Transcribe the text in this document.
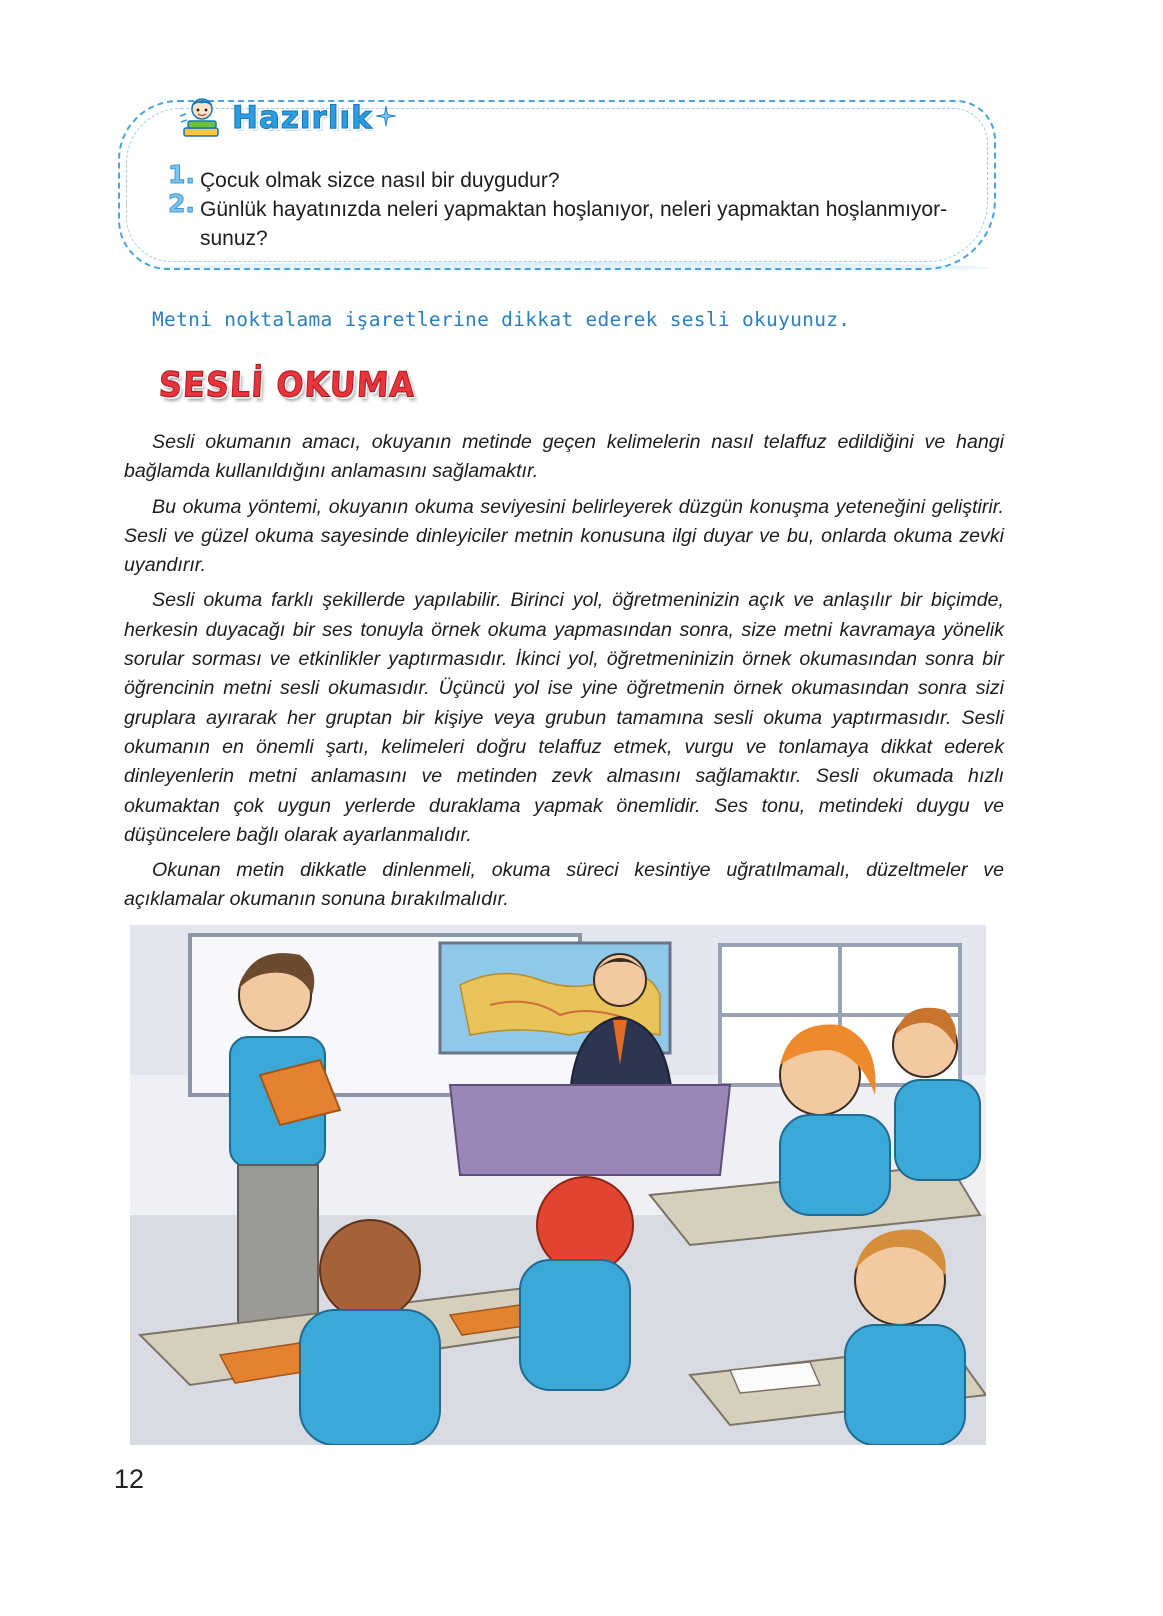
Hazırlık
1. Çocuk olmak sizce nasıl bir duygudur?
2. Günlük hayatınızda neleri yapmaktan hoşlanıyor, neleri yapmaktan hoşlanmıyor-sunuz?
Metni noktalama işaretlerine dikkat ederek sesli okuyunuz.
SESLİ OKUMA

Sesli okumanın amacı, okuyanın metinde geçen kelimelerin nasıl telaffuz edildiğini ve hangi bağlamda kullanıldığını anlamasını sağlamaktır.

Bu okuma yöntemi, okuyanın okuma seviyesini belirleyerek düzgün konuşma yeteneğini geliştirir. Sesli ve güzel okuma sayesinde dinleyiciler metnin konusuna ilgi duyar ve bu, onlarda okuma zevki uyandırır.

Sesli okuma farklı şekillerde yapılabilir. Birinci yol, öğretmeninizin açık ve anlaşılır bir biçimde, herkesin duyacağı bir ses tonuyla örnek okuma yapmasından sonra, size metni kavramaya yönelik sorular sorması ve etkinlikler yaptırmasıdır. İkinci yol, öğretmeninizin örnek okumasından sonra bir öğrencinin metni sesli okumasıdır. Üçüncü yol ise yine öğretmenin örnek okumasından sonra sizi gruplara ayırarak her gruptan bir kişiye veya grubun tamamına sesli okuma yaptırmasıdır. Sesli okumanın en önemli şartı, kelimeleri doğru telaffuz etmek, vurgu ve tonlamaya dikkat ederek dinleyenlerin metni anlamasını ve metinden zevk almasını sağlamaktır. Sesli okumada hızlı okumaktan çok uygun yerlerde duraklama yapmak önemlidir. Ses tonu, metindeki duygu ve düşüncelere bağlı olarak ayarlanmalıdır.

Okunan metin dikkatle dinlenmeli, okuma süreci kesintiye uğratılmamalı, düzeltmeler ve açıklamalar okumanın sonuna bırakılmalıdır.

12
